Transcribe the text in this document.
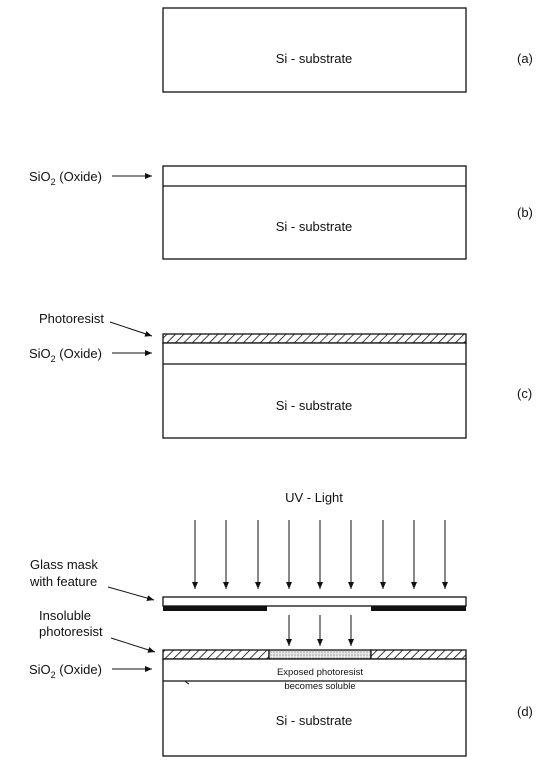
Si - substrate	(a)
Si - substrate
(b)
SiO$_2$ (Oxide)
Si - substrate
(c)
Photoresist
SiO$_2$ (Oxide)
UV - Light
Exposed photoresist
becomes soluble
Si - substrate
(d)
Glass mask
with feature
Insoluble
photoresist
SiO$_2$ (Oxide)
